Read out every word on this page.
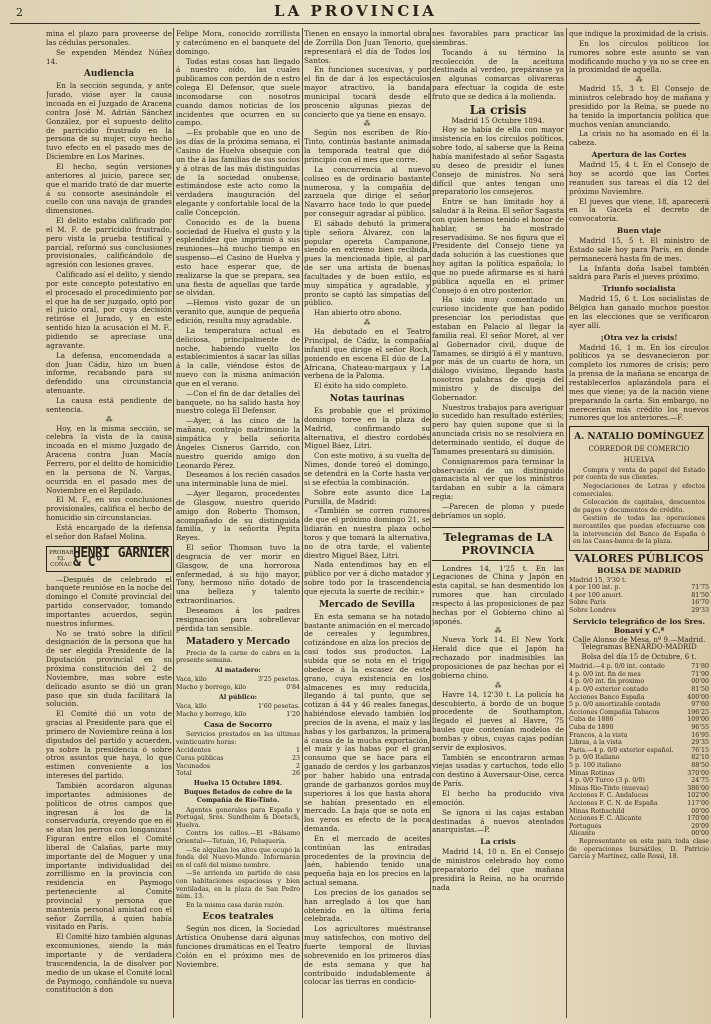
2	LA PROVINCIA

mina el plazo para proveerse de las cédulas personales.

Se expenden Méndez Núñez 14.

Audiencia

En la sección segunda, y ante Jurado, vióse ayer la causa incoada en el Juzgado de Aracena contra José M. Adrián Sánchez González, por el supuesto delito de parricidio frustrado en la persona de su mujer, cuyo hecho tuvo efecto en el pasado mes de Diciembre en Los Marines.

El hecho, según versiones anteriores al juicio, parece ser, que el marido trató de dar muerte á su consorte asesinándole el cuello con una navaja de grandes dimensiones.

El delito estaba calificado por el M. F. de parricidio frustrado, pero vista la prueba testifical y parcial, reformó sus conclusiones provisionales, calificándolo de agresión con lesiones graves.

Calificado así el delito, y siendo por este concepto potestativo en el procesado el procedimiento por el que ha de ser juzgado, optó por el juicio oral, por cuya decisión retiróse el Jurado, y en este sentido hizo la acusación el M. F., pidiendo se apreciase una agravante.

La defensa, encomendada a don Juan Cádiz, hizo un buen informe, recabando para su defendido una circunstancia atenuante.

La causa está pendiente de sentencia.

⁂

Hoy, en la misma sección, se celebra la vista de la causa incoada en el mismo Juzgado de Aracena contra Juan Macía Ferrero, por el delito de homicidio en la persona de N. Vargas, ocurrida en el pasado mes de Noviembre en el Repilado.

El M. F., en sus conclusiones provisionales, califica el hecho de homicidio sin circunstancias.

Está encargado de la defensa el señor don Rafael Molina.

PROBAR EL COÑAC
HENRI GARNIER & C°

—Después de celebrado el banquete reunióse en la noche del domingo el Comité provincial del partido conservador, tomando importantes acuerdos, según nuestros informes.

No se trató sobre la difícil designación de la persona que ha de ser elegida Presidente de la Diputación provincial en su próxima constitución del 2 de Noviembre, mas sobre este delicado asunto se dió un gran paso que sin duda facilitará la solución.

El Comité dió un voto de gracias al Presidente para que el primero de Noviembre reúna á los diputados del partido y acuerden, ya sobre la presidencia ó sobre otros asuntos que haya, lo que estimen conveniente a los intereses del partido.

También acordaron algunas importantes admisiones de políticos de otros campos que ingresan á los de la conservaduría, creyendo que en él se atan los perros con longanizas! Figuran entre ellos el Comité liberal de Calañas, parte muy importante del de Moguer y una importante individualidad del zorrillismo en la provincia con residencia en Paymogo perteneciente al Comité provincial y persona que mantenía personal amistad con el señor Zorrilla, á quien había visitado en París.

El Comité hizo también algunas excomuniones, siendo la más importante y de verdadera trascendencia, la de disolver por medio de un ukase el Comité local de Paymogo, confiándole su nueva constitución á don

Felipe Mora, conocido zorrillista y catecúmeno en el banquete del domingo.

Todas estas cosas han llegado á nuestro oído, las cuales publicamos con perdón de n estro colega El Defensor, que suele incomodarse con nosotros cuando damos noticias de los incidentes que ocurren en su campo.

—Es probable que en uno de los días de la próxima semana, el Casino de Huelva obsequie con un the á las familias de sus socios y á otras de las más distinguidas de la sociedad onubense, estimándose este acto como la verdadera inauguración del elegante y confortable local de la calle Concepción.

Conocido es de la buena sociedad de Huelva el gusto y la esplendidez que imprimió á sus reuniones—há mucho tiempo en suspenso—el Casino de Huelva y esto hace esperar que, de realizarse la que se prepara, sea una fiesta de aquellas que tarde se olvidan.

—Hemos visto gozar de un veranito que, aunque de pequeña edición, resulta muy agradable.

La temperatura actual es deliciosa, principalmente de noche, habiendo vuelto los establecimientos á sacar las sillas á la calle, viéndose éstos de nuevo con la misma animación que en el verano.

—Con el fin de dar detalles del banquete, no ha salido hasta hoy nuestro colega El Defensor.

—Ayer, á las cinco de la mañana, contrajo matrimonio la simpática y bella señorita Ángeles Cisneros Garrido, con nuestro querido amigo don Leonardo Pérez.

Deseamos á los recién casados una interminable luna de miel.

—Ayer llegaron, procedentes de Glasgow, nuestro querido amigo don Roberto Thomson, acompañado de su distinguida familia, y la señorita Pepita Reyes.

El señor Thomson tuvo la desgracia de ver morir en Glasgow, de una horrorosa enfermedad, á su hijo mayor, Tony, hermoso niño dotado de una belleza y talento extraordinarios.

Deseamos á los padres resignación para sobrellevar pérdida tan sensible.

Matadero y Mercado

Precio de la carne de cabra en la presente semana.

Al matadero:
Vaca, kilo	3'25 pesetas.
Macho y borrego, kilo	0'84
Al público:
Vaca, kilo	1'60 pesetas.
Macho y borrego, kilo	1'20
Casa de Socorro

Servicios prestados en las últimas veinticuatro horas:

Accidentes	1
Curas públicas	23
Vacunados	2
Total	26
Huelva 15 Octubre 1894.
Buques fletados de cobre de la Compañía de Río-Tinto.

Agentes generales para España y Portugal, Sres. Sundheim & Doetsch, Huelva.

Contra los callos.—El «Bálsamo Oriental»—Tetuán, 16, Peluquería.

—Se alquilan los altos que ocupó la fonda del Nuevo-Mundo. Informarán en el café del mismo nombre.

—Se arrienda un partido de casa con habitaciones espaciosas y bien ventiladas, en la plaza de San Pedro núm. 13.

En la misma casa darán razón.

Ecos teatrales

Según nos dicen, la Sociedad Artística Onubense dará algunas funciones dramáticas en el Teatro Colón en el próximo mes de Noviembre.

Tienen en ensayo la inmortal obra de Zorrilla Don Juan Tenorio, que representará el día de Todos los Santos.

En funciones sucesivas, y por el fin de dar á los espectáculos mayor atractivo, la banda municipal tocará desde el proscenio algunas piezas de concierto que ya tiene en ensayo.

⁂

Según nos escriben de Río-Tinto, continúa bastante animada la temporada teatral que dió principio con el mes que corre.

La concurrencia al nuevo coliseo es de ordinario bastante numerosa, y la compañía de zarzuela que dirige el señor Navarro hace todo lo que puede por conseguir agradar al público.

El sábado debutó la primera tiple señora Álvarez, con la popular opereta Campanone, siendo en extremo bien recibida, pues la mencionada tiple, al par de ser una artista de buenas facultades y de buen estilo, es muy simpática y agradable, y pronto se captó las simpatías del público.

Han abierto otro abono.

⁂

Ha debutado en el Teatro Principal, de Cádiz, la compañía infantil que dirige el señor Roch, poniendo en escena El dúo de La Africana, Chateau-margaux y La verbena de la Paloma.

El éxito ha sido completo.

Notas taurinas

Es probable que el próximo domingo toree en la plaza de Madrid, confirmando su alternativa, el diestro cordobés Miguel Báez, Litri.

Con este motivo, á su vuelta de Nimes, donde toreó el domingo, se detendrá en la Corte hasta ver si se efectúa la combinación.

Sobre este asunto dice La Pursilla, de Madrid:

«También se corren rumores de que el próximo domingo 21, se lidiarán en nuestra plaza ocho toros y que tomará la alternativa, no de otra tarde, el valiente diestro Miguel Báez, Litri.

Nada entendimos hay en el público por ver á dicho matador y sobre todo por la trascendencia que ejecuta la suerte de recibir.»

Mercado de Sevilla

En esta semana se ha notado bastante animación en el mercado de cereales y legumbres, cotizándose en alza los precios de casi todos sus productos. La subida que se nota en el trigo obedece á la escasez de este grano, cuya existencia en los almacenes es muy reducida, llegando á tal punto, que se cotizan á 44 y 46 reales fanegas, habiéndose elevado también los precios de la avena, el maíz y las habas y los garbanzos, la primera á causa de la mucha exportación, el maíz y las habas por el gran consumo que se hace para el ganado de cerdos y los garbanzos por haber habido una entrada grande de garbanzos gordos muy superiores á los que hasta ahora se habían presentado en el mercado. La baja que se nota en los yeros es efecto de la poca demanda.

En el mercado de aceites continúan las entradas procedentes de la provincia de Jaén, habiendo tenido una pequeña baja en los precios en la actual semana.

Los precios de los ganados se han arreglado á los que han obtenido en la última feria celebrada.

Los agricultores muéstranse muy satisfechos, con motivo del fuerte temporal de lluvias sobrevenido en los primeros días de esta semana y que ha contribuido indudablemente á colocar las tierras en condicio-

nes favorables para practicar las siembras.

Tocando á su término la recolección de la aceituna destinada al verdeo, prepáranse ya en algunas comarcas olivareras para efectuar la cogida de este fruto que se dedica á la molienda.

La crisis

Madrid 15 Octubre 1894.

Hoy se había de ella con mayor insistencia en los círculos políticos, sobre todo, al saberse que la Reina había manifestado al señor Sagasta su deseo de presidir el lunes Consejo de ministros. No será difícil que antes tengan uno preparatorio los consejeros.

Entre se han limitado hoy á saludar á la Reina. El señor Sagasta con quien hemos tenido el honor de hablar, se ha mostrado reservadísimo. Se nos figura que el Presidente del Consejo tiene ya dada solución á las cuestiones que hoy agitan la política española; lo que no puede afirmarse es si hará pública aquella en el primer Consejo ó en otro posterior.

Ha sido muy comentado un curioso incidente que han podido presenciar los periodistas que estaban en Palacio al llegar la familia real. El señor Moret, al ver al Gobernador civil, duque de Tamames, se dirigió á él y mantuvo, por más de un cuarto de hora, un diálogo vivísimo, llegando hasta nosotros palabras de queja del ministro y de disculpa del Gobernador.

Nuestros trabajos para averiguar lo sucedido han resultado estériles; pero hay quien supone que si la anunciada crisis no se resolviera en determinado sentido, el duque de Tamames presentará su dimisión.

Consignaremos para terminar la observación de un distinguido gamacista al ver que los ministros tardaban en subir a la cámara regia:

—Parecen de plomo y puede debríamos un sopló.

Telegramas de LA PROVINCIA

Londres 14, 1'25 t. En las Legaciones de China y Japón en esta capital, se han desmentido los rumores que han circulado respecto á las proposiciones de paz hechas por el Gobierno chino al japonés.

⁂

Nueva York 14. El New York Herald dice que el Japón ha rechazado por inadmisibles las proposiciones de paz hechas por el gobierno chino.

⁂

Havre 14, 12'30 t. La policía ha descubierto, á bordo de un buque procedente de Southampton, llegado el jueves al Havre, 75 baules que contenían modelos de bombas y obus, cuyas cajas podían servir de explosivos.

También se encontraron armas viejas usadas y cartuchos, todo ello con destino á Auversaur-Oise, cerca de París.

El hecho ha producido viva emoción.

Se ignora si las cajas estaban destinadas á nuevos atentados anarquistas.—P.

La crisis

Madrid 14, 10 n. En el Consejo de ministros celebrado hoy como preparatorio del que mañana presidirá la Reina, no ha ocurrido nada

que indique la proximidad de la crisis.

En los círculos políticos los rumores sobre este asunto se van modificando mucho y ya no se cree en la proximidad de aquélla.

⁂

Madrid 15, 3 t. El Consejo de ministros celebrado hoy de mañana y presidido por la Reina, se puede no ha tenido la importancia política que muchos venían anunciando.

La crisis no ha asomado en él la cabeza.

Apertura de las Cortes

Madrid 15, 4 t. En el Consejo de hoy se acordó que las Cortes reanuden sus tareas el día 12 del próximo Noviembre.

El jueves que viene, 18, aparecerá en la Gaceta el decreto de convocatoria.

Buen viaje

Madrid 15, 5 t. El ministro de Estado sale hoy para París, en donde permanecerá hasta fin de mes.

La Infanta doña Isabel también saldrá para París el jueves próximo.

Triunfo socialista

Madrid 15, 6 t. Los socialistas de Bélgica han ganado muchos puestos en las elecciones que se verificaron ayer allí.

¡Otra vez la crisis!

Madrid 16, 1 m. En los círculos políticos ya se desvanecieron por completo los rumores de crisis; pero la prensa de la mañana se encarga de restablecerlos aplazándola para el mes que viene; ya de la nación viene preparando la carta. Sin embargo, no merecerían más crédito los nuevos rumores que los anteriores.—F.

A. NATALIO DOMÍNGUEZ
CORREDOR DE COMERCIO
HUELVA

Compra y venta de papel del Estado por cuenta de sus clientes.

Negociaciones de Letras y efectos comerciales.

Colocación de capitales, descuentos de pagos y documentos de crédito.

Gestión de todas las operaciones mercantiles que puedan efectuarse con la intervención del Banco de España ó en las Casas-banca de la plaza.

VALORES PÚBLICOS
BOLSA DE MADRID
Madrid 15, 3'30 t.
4 por 100 int. p.	71'75
4 por 100 amort.	81'50
Sobre París	16'70
Sobre Londres	29'33
Servicio telegráfico de los Sres. Bonaví y C.ª
Calle Alonso de Mesa, nº 9.—Madrid. Telegramas BENARDO-MADRID
Bolsa del día 15 de Octubre, 6 t.
Madrid.—4 p. 0/0 int. contado	71'80
4 p. 0/0 int. fin de mes	71'90
4 p. 0/0 int. fin próximo	00'00
4 p. 0/0 exterior contado	81'50
Acciones Banco España	400'00
5 p. 0/0 amortizable contado	97'60
Acciones Compañía Tabacos	196'25
Cuba de 1886	109'00
Cuba de 1890	96'55
Francos, á la vista	16'95
Libras, á la vista	29'35
París.—4 p. 0/0 exterior español.	76'15
5 p. 0/0 Italiano	82'10
5 p. 100 italiano	88'50
Minas Rotinas	370'00
4 p. 0/0 Turco (3 p. 0/0)	24'75
Minas Río-Tinto (nuevas)	386'00
Acciones F. C. Andaluces	102'00
Acciones F. C. N. de España	117'00
Minas Rothschild	00'00
Acciones F. C. Alicante	170'00
Portugués	20'09
Alicante	00'00

Representante en esta para toda clase de operaciones bursátiles, D. Patricio García y Martínez, calle Rossi, 18.
